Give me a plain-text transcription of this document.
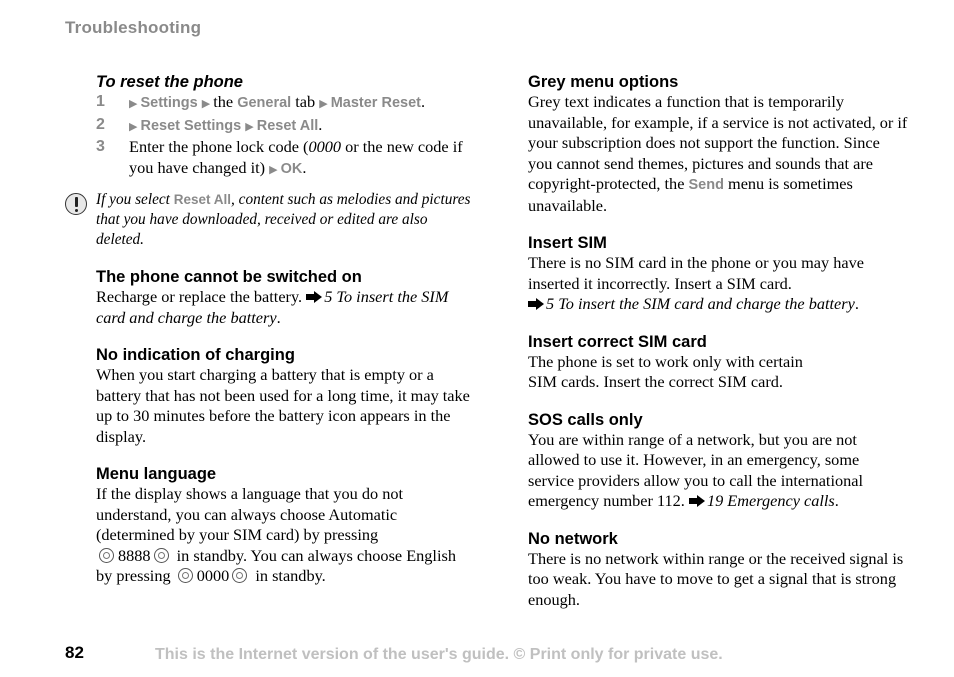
Troubleshooting
To reset the phone
1 ▶ Settings ▶ the General tab ▶ Master Reset.
2 ▶ Reset Settings ▶ Reset All.
3 Enter the phone lock code (0000 or the new code if you have changed it) ▶ OK.
If you select Reset All, content such as melodies and pictures that you have downloaded, received or edited are also deleted.
The phone cannot be switched on

Recharge or replace the battery. 5 To insert the SIM card and charge the battery.

No indication of charging

When you start charging a battery that is empty or a battery that has not been used for a long time, it may take up to 30 minutes before the battery icon appears in the display.

Menu language

If the display shows a language that you do not understand, you can always choose Automatic (determined by your SIM card) by pressing
8888 in standby. You can always choose English by pressing 0000 in standby.

Grey menu options

Grey text indicates a function that is temporarily unavailable, for example, if a service is not activated, or if your subscription does not support the function. Since you cannot send themes, pictures and sounds that are copyright-protected, the Send menu is sometimes unavailable.

Insert SIM

There is no SIM card in the phone or you may have inserted it incorrectly. Insert a SIM card.
5 To insert the SIM card and charge the battery.

Insert correct SIM card

The phone is set to work only with certain
SIM cards. Insert the correct SIM card.

SOS calls only

You are within range of a network, but you are not allowed to use it. However, in an emergency, some service providers allow you to call the international emergency number 112. 19 Emergency calls.

No network

There is no network within range or the received signal is too weak. You have to move to get a signal that is strong enough.

82	This is the Internet version of the user's guide. © Print only for private use.
